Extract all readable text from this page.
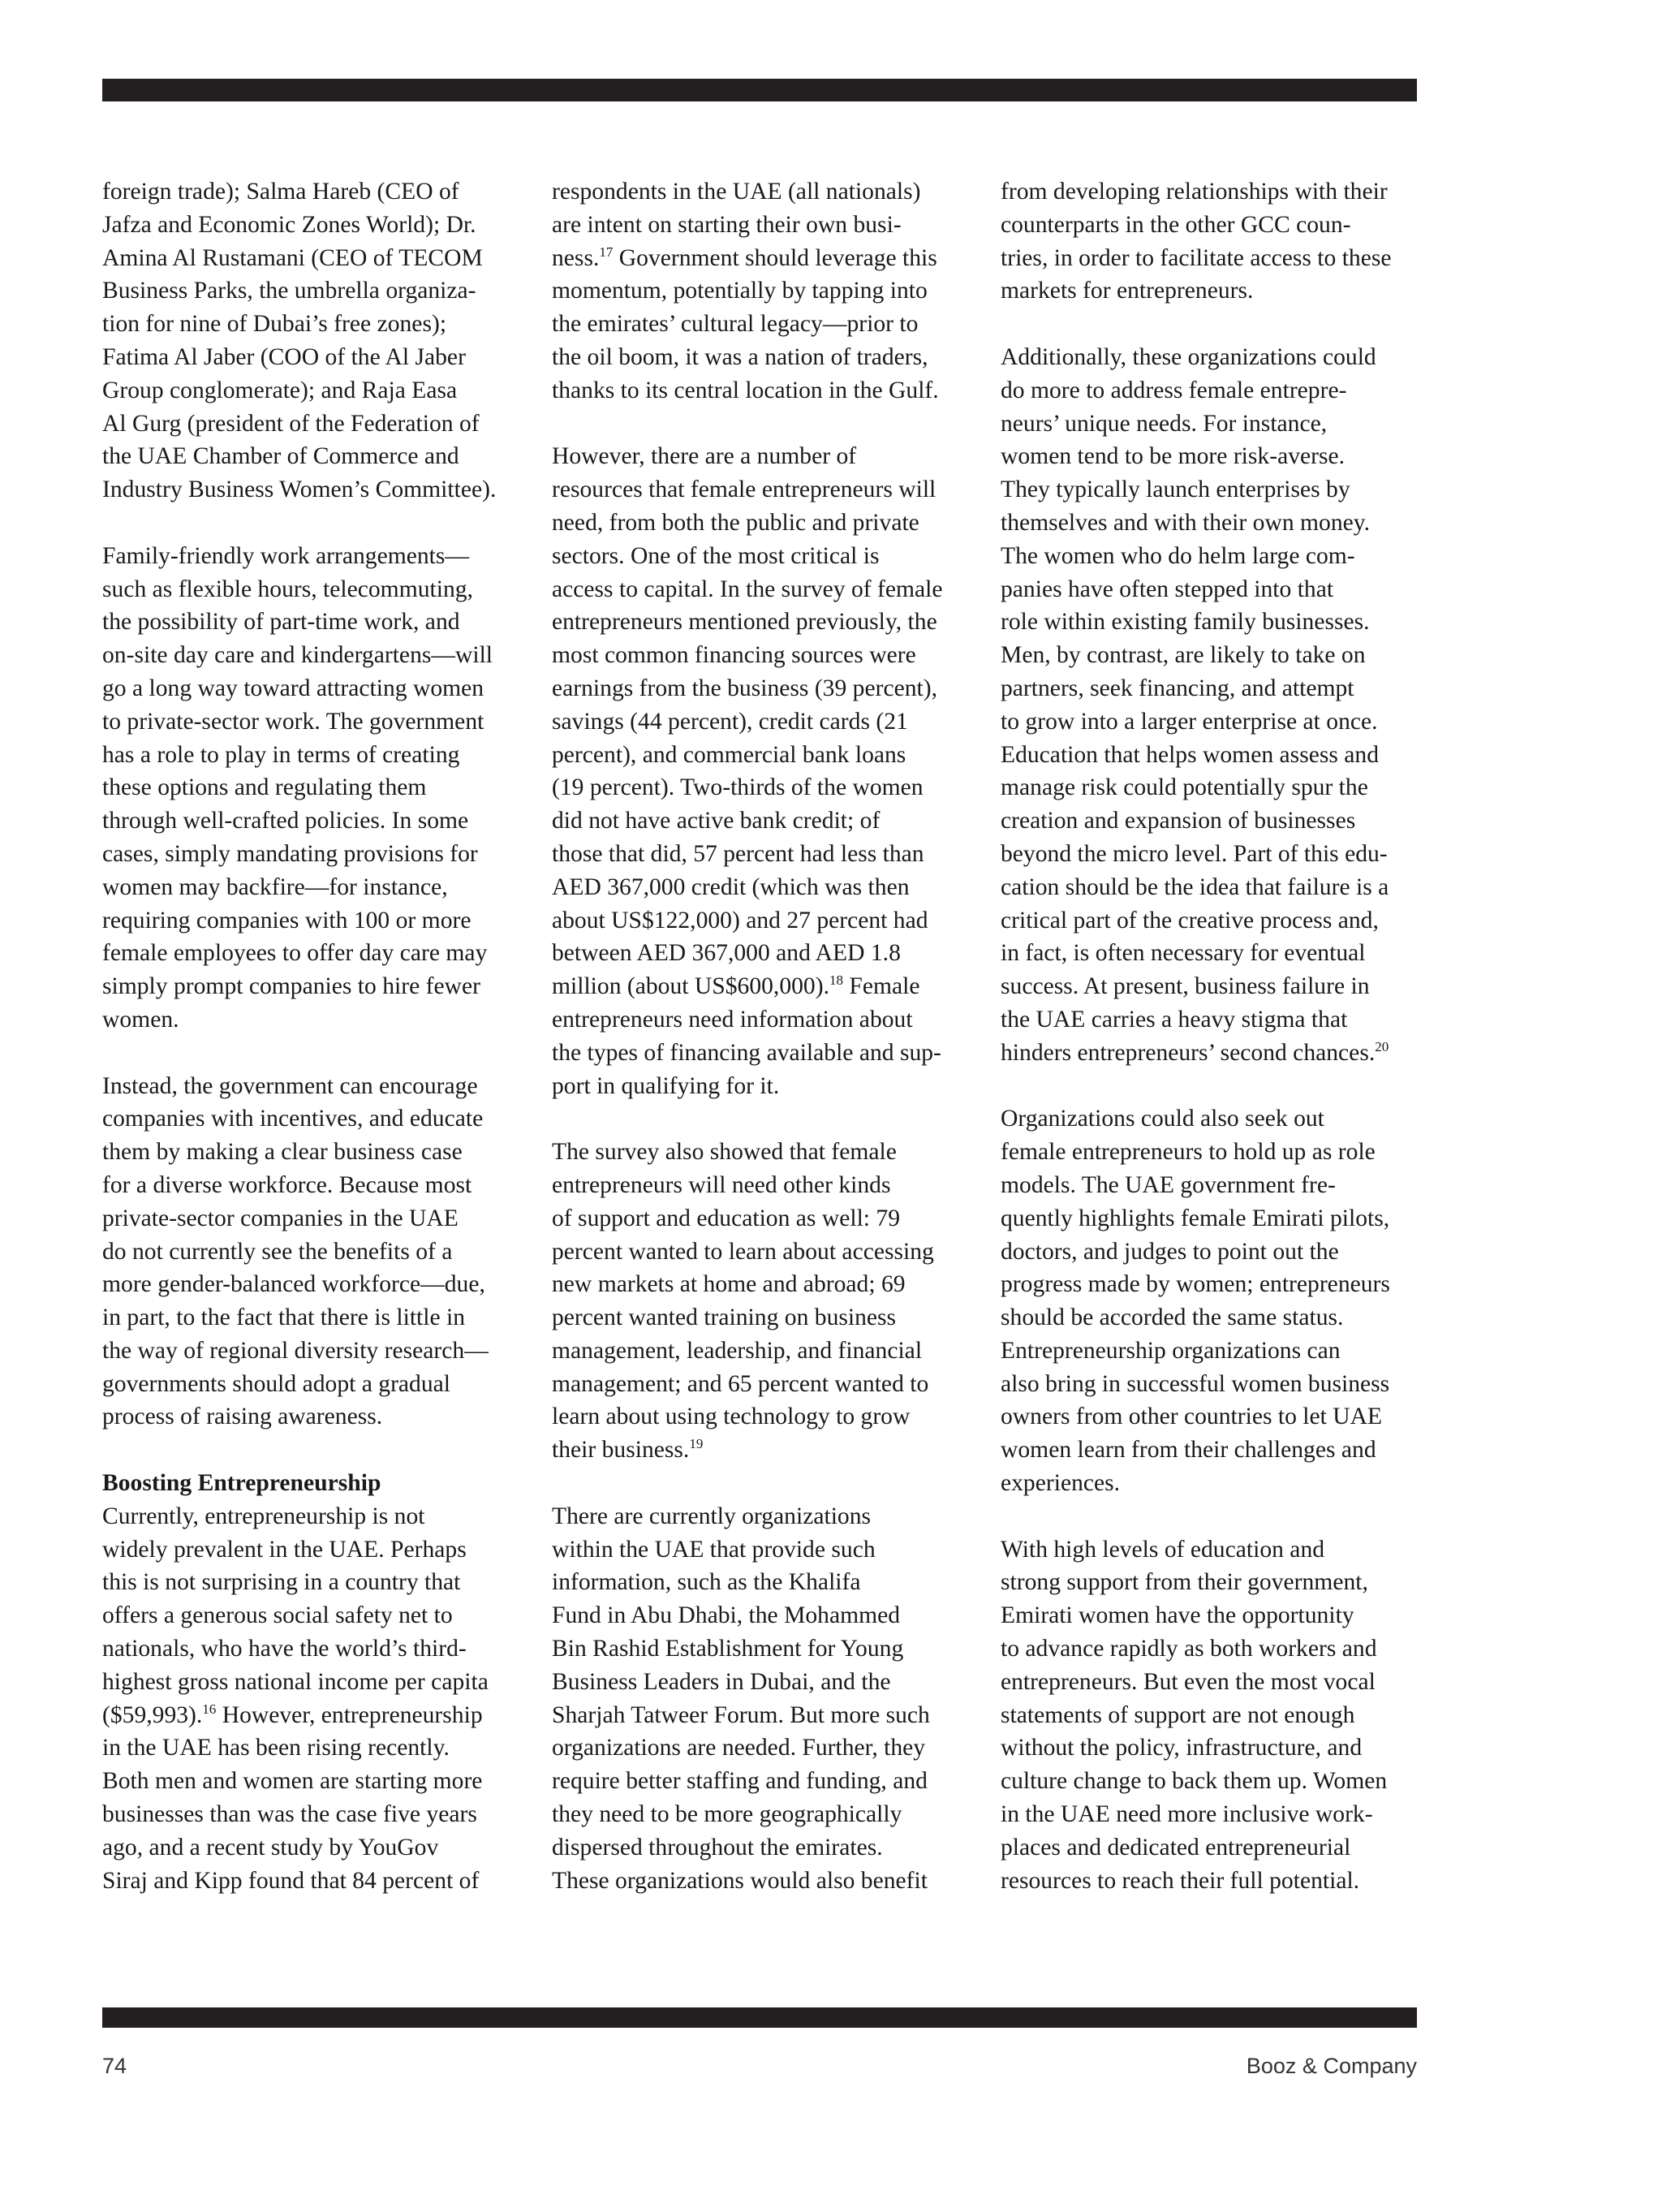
foreign trade); Salma Hareb (CEO of
Jafza and Economic Zones World); Dr.
Amina Al Rustamani (CEO of TECOM
Business Parks, the umbrella organiza-
tion for nine of Dubai’s free zones);
Fatima Al Jaber (COO of the Al Jaber
Group conglomerate); and Raja Easa
Al Gurg (president of the Federation of
the UAE Chamber of Commerce and
Industry Business Women’s Committee).
Family-friendly work arrangements—
such as flexible hours, telecommuting,
the possibility of part-time work, and
on-site day care and kindergartens—will
go a long way toward attracting women
to private-sector work. The government
has a role to play in terms of creating
these options and regulating them
through well-crafted policies. In some
cases, simply mandating provisions for
women may backfire—for instance,
requiring companies with 100 or more
female employees to offer day care may
simply prompt companies to hire fewer
women.
Instead, the government can encourage
companies with incentives, and educate
them by making a clear business case
for a diverse workforce. Because most
private-sector companies in the UAE
do not currently see the benefits of a
more gender-balanced workforce—due,
in part, to the fact that there is little in
the way of regional diversity research—
governments should adopt a gradual
process of raising awareness.
Boosting Entrepreneurship
Currently, entrepreneurship is not
widely prevalent in the UAE. Perhaps
this is not surprising in a country that
offers a generous social safety net to
nationals, who have the world’s third-
highest gross national income per capita
($59,993).$^{16}$ However, entrepreneurship
in the UAE has been rising recently.
Both men and women are starting more
businesses than was the case five years
ago, and a recent study by YouGov
Siraj and Kipp found that 84 percent of
respondents in the UAE (all nationals)
are intent on starting their own busi-
ness.$^{17}$ Government should leverage this
momentum, potentially by tapping into
the emirates’ cultural legacy—prior to
the oil boom, it was a nation of traders,
thanks to its central location in the Gulf.
However, there are a number of
resources that female entrepreneurs will
need, from both the public and private
sectors. One of the most critical is
access to capital. In the survey of female
entrepreneurs mentioned previously, the
most common financing sources were
earnings from the business (39 percent),
savings (44 percent), credit cards (21
percent), and commercial bank loans
(19 percent). Two-thirds of the women
did not have active bank credit; of
those that did, 57 percent had less than
AED 367,000 credit (which was then
about US$122,000) and 27 percent had
between AED 367,000 and AED 1.8
million (about US$600,000).$^{18}$ Female
entrepreneurs need information about
the types of financing available and sup-
port in qualifying for it.
The survey also showed that female
entrepreneurs will need other kinds
of support and education as well: 79
percent wanted to learn about accessing
new markets at home and abroad; 69
percent wanted training on business
management, leadership, and financial
management; and 65 percent wanted to
learn about using technology to grow
their business.$^{19}$
There are currently organizations
within the UAE that provide such
information, such as the Khalifa
Fund in Abu Dhabi, the Mohammed
Bin Rashid Establishment for Young
Business Leaders in Dubai, and the
Sharjah Tatweer Forum. But more such
organizations are needed. Further, they
require better staffing and funding, and
they need to be more geographically
dispersed throughout the emirates.
These organizations would also benefit
from developing relationships with their
counterparts in the other GCC coun-
tries, in order to facilitate access to these
markets for entrepreneurs.
Additionally, these organizations could
do more to address female entrepre-
neurs’ unique needs. For instance,
women tend to be more risk-averse.
They typically launch enterprises by
themselves and with their own money.
The women who do helm large com-
panies have often stepped into that
role within existing family businesses.
Men, by contrast, are likely to take on
partners, seek financing, and attempt
to grow into a larger enterprise at once.
Education that helps women assess and
manage risk could potentially spur the
creation and expansion of businesses
beyond the micro level. Part of this edu-
cation should be the idea that failure is a
critical part of the creative process and,
in fact, is often necessary for eventual
success. At present, business failure in
the UAE carries a heavy stigma that
hinders entrepreneurs’ second chances.$^{20}$
Organizations could also seek out
female entrepreneurs to hold up as role
models. The UAE government fre-
quently highlights female Emirati pilots,
doctors, and judges to point out the
progress made by women; entrepreneurs
should be accorded the same status.
Entrepreneurship organizations can
also bring in successful women business
owners from other countries to let UAE
women learn from their challenges and
experiences.
With high levels of education and
strong support from their government,
Emirati women have the opportunity
to advance rapidly as both workers and
entrepreneurs. But even the most vocal
statements of support are not enough
without the policy, infrastructure, and
culture change to back them up. Women
in the UAE need more inclusive work-
places and dedicated entrepreneurial
resources to reach their full potential.
74	Booz & Company
